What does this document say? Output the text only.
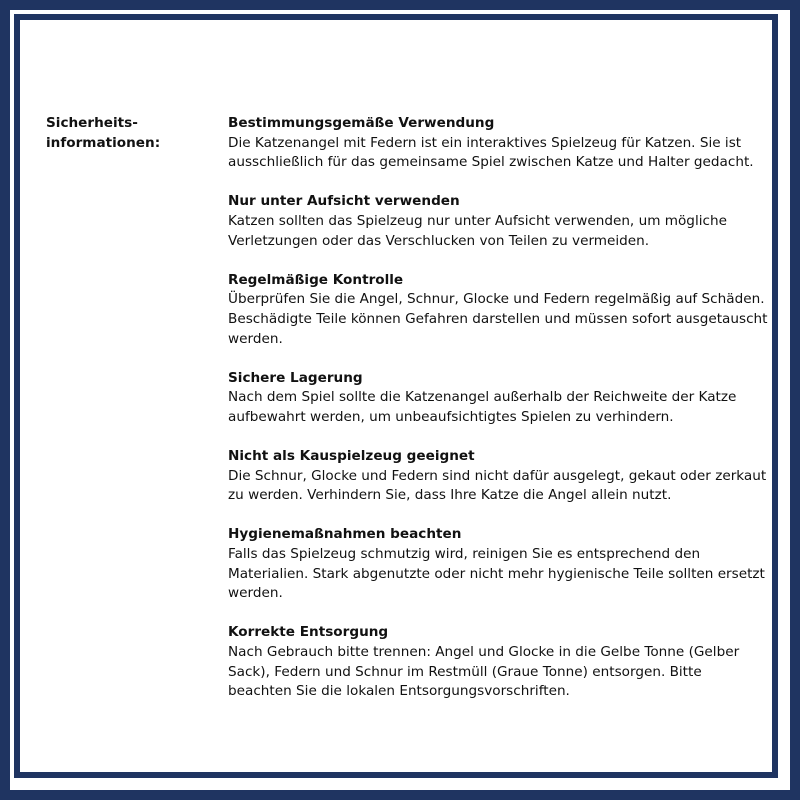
Sicherheits-
informationen:
Bestimmungsgemäße Verwendung
Die Katzenangel mit Federn ist ein interaktives Spielzeug für Katzen. Sie ist ausschließlich für das gemeinsame Spiel zwischen Katze und Halter gedacht.
Nur unter Aufsicht verwenden
Katzen sollten das Spielzeug nur unter Aufsicht verwenden, um mögliche Verletzungen oder das Verschlucken von Teilen zu vermeiden.
Regelmäßige Kontrolle
Überprüfen Sie die Angel, Schnur, Glocke und Federn regelmäßig auf Schäden. Beschädigte Teile können Gefahren darstellen und müssen sofort ausgetauscht werden.
Sichere Lagerung
Nach dem Spiel sollte die Katzenangel außerhalb der Reichweite der Katze aufbewahrt werden, um unbeaufsichtigtes Spielen zu verhindern.
Nicht als Kauspielzeug geeignet
Die Schnur, Glocke und Federn sind nicht dafür ausgelegt, gekaut oder zerkaut zu werden. Verhindern Sie, dass Ihre Katze die Angel allein nutzt.
Hygienemaßnahmen beachten
Falls das Spielzeug schmutzig wird, reinigen Sie es entsprechend den Materialien. Stark abgenutzte oder nicht mehr hygienische Teile sollten ersetzt werden.
Korrekte Entsorgung
Nach Gebrauch bitte trennen: Angel und Glocke in die Gelbe Tonne (Gelber Sack), Federn und Schnur im Restmüll (Graue Tonne) entsorgen. Bitte beachten Sie die lokalen Entsorgungsvorschriften.
